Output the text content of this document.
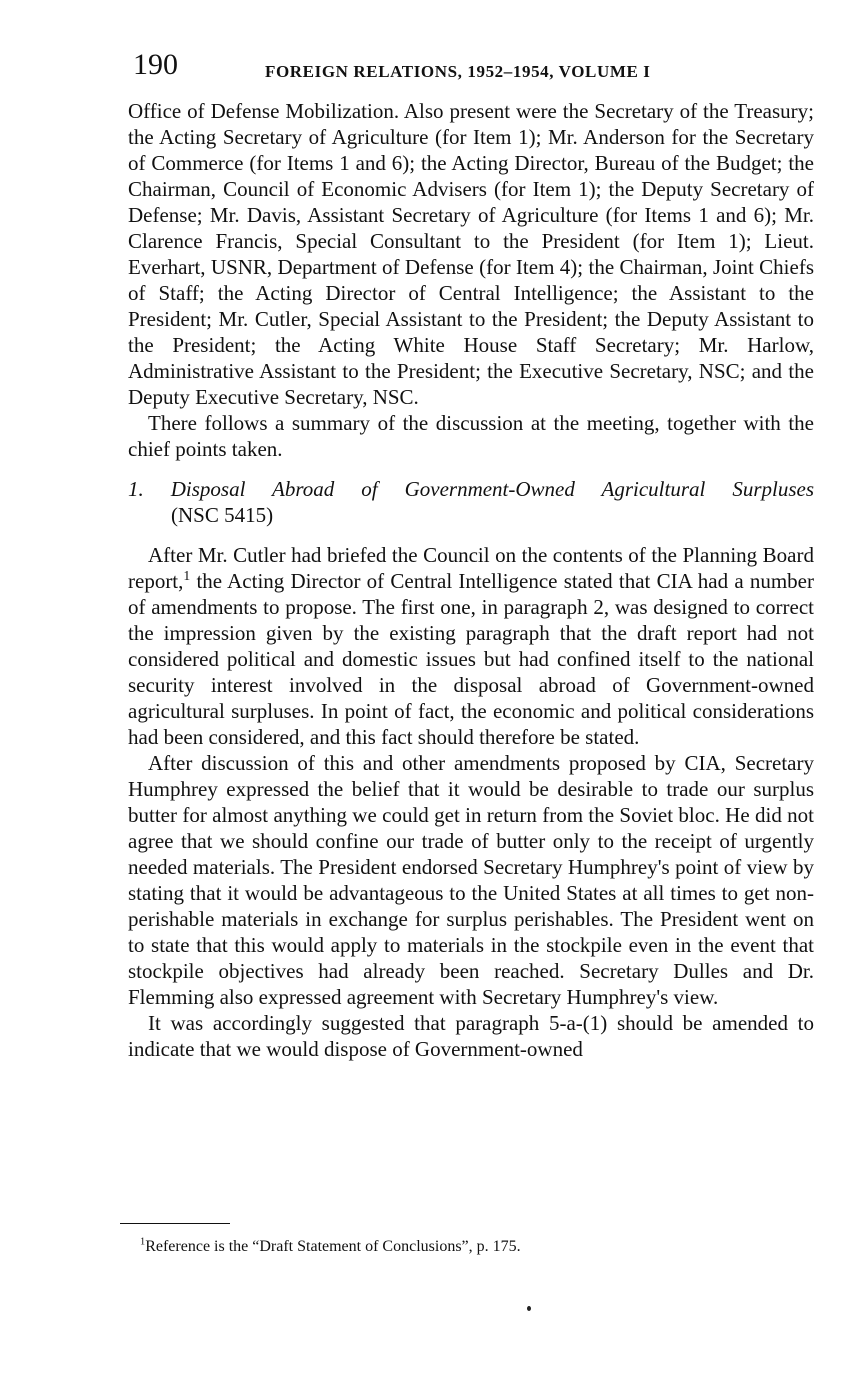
190	FOREIGN RELATIONS, 1952–1954, VOLUME I

Office of Defense Mobilization. Also present were the Secretary of the Treasury; the Acting Secretary of Agriculture (for Item 1); Mr. Anderson for the Secretary of Commerce (for Items 1 and 6); the Acting Director, Bureau of the Budget; the Chairman, Council of Economic Advisers (for Item 1); the Deputy Secretary of Defense; Mr. Davis, Assistant Secretary of Agriculture (for Items 1 and 6); Mr. Clarence Francis, Special Consultant to the President (for Item 1); Lieut. Everhart, USNR, Department of Defense (for Item 4); the Chairman, Joint Chiefs of Staff; the Acting Director of Central Intelligence; the Assistant to the President; Mr. Cutler, Special Assistant to the President; the Deputy Assistant to the President; the Acting White House Staff Secretary; Mr. Harlow, Administrative Assistant to the President; the Executive Secretary, NSC; and the Deputy Executive Secretary, NSC.

There follows a summary of the discussion at the meeting, together with the chief points taken.

1. Disposal Abroad of Government-Owned Agricultural Surpluses
(NSC 5415)

After Mr. Cutler had briefed the Council on the contents of the Planning Board report,$^1$ the Acting Director of Central Intelligence stated that CIA had a number of amendments to propose. The first one, in paragraph 2, was designed to correct the impression given by the existing paragraph that the draft report had not considered political and domestic issues but had confined itself to the national security interest involved in the disposal abroad of Government-owned agricultural surpluses. In point of fact, the economic and political considerations had been considered, and this fact should therefore be stated.

After discussion of this and other amendments proposed by CIA, Secretary Humphrey expressed the belief that it would be desirable to trade our surplus butter for almost anything we could get in return from the Soviet bloc. He did not agree that we should confine our trade of butter only to the receipt of urgently needed materials. The President endorsed Secretary Humphrey's point of view by stating that it would be advantageous to the United States at all times to get non-perishable materials in exchange for surplus perishables. The President went on to state that this would apply to materials in the stockpile even in the event that stockpile objectives had already been reached. Secretary Dulles and Dr. Flemming also expressed agreement with Secretary Humphrey's view.

It was accordingly suggested that paragraph 5-a-(1) should be amended to indicate that we would dispose of Government-owned

$^1$Reference is the “Draft Statement of Conclusions”, p. 175.
